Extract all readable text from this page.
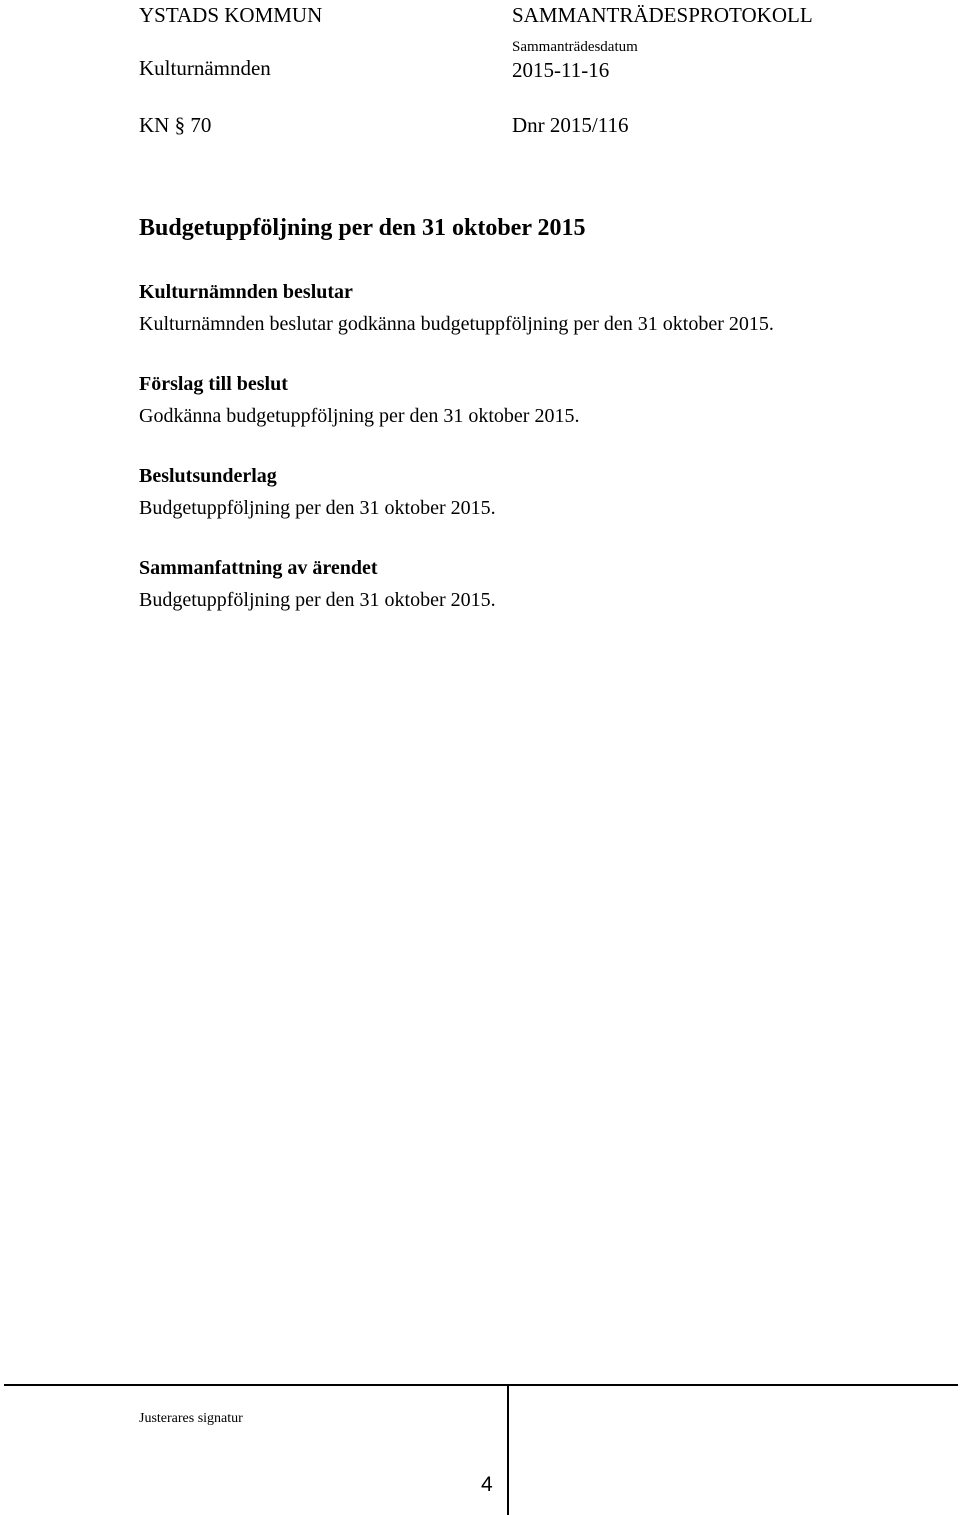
YSTADS KOMMUN	SAMMANTRÄDESPROTOKOLL
Kulturnämnden
Sammanträdesdatum
2015-11-16
KN § 70	Dnr 2015/116
Budgetuppföljning per den 31 oktober 2015
Kulturnämnden beslutar
Kulturnämnden beslutar godkänna budgetuppföljning per den 31 oktober 2015.
Förslag till beslut
Godkänna budgetuppföljning per den 31 oktober 2015.
Beslutsunderlag
Budgetuppföljning per den 31 oktober 2015.
Sammanfattning av ärendet
Budgetuppföljning per den 31 oktober 2015.
Justerares signatur
4
